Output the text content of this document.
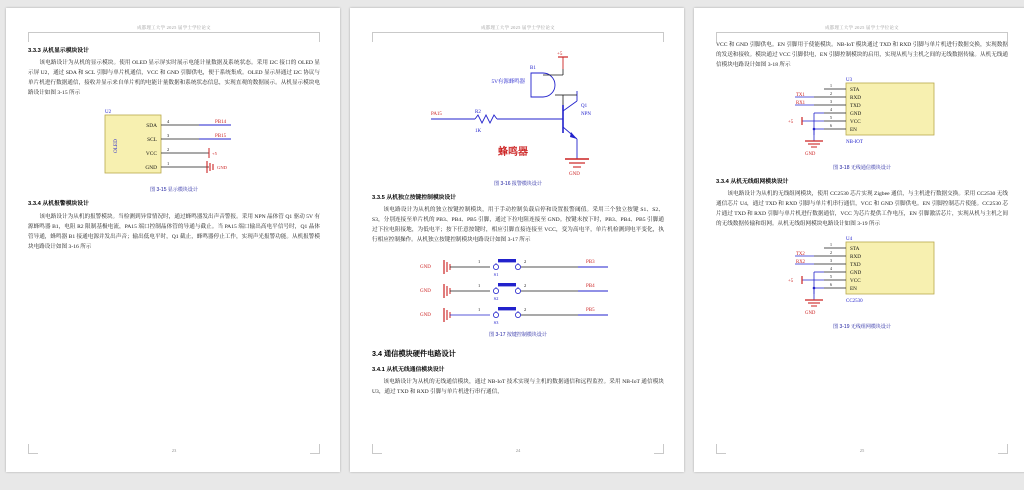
成都理工大学 2025 届学士学位论文
3.3.3 从机显示模块设计

该电路设计为从机的显示模块。使用 OLED 显示屏实时展示电能计量数据及系统状态。采用 I2C 接口的 OLED 显示屏 U2，通过 SDA 和 SCL 引脚与单片机通信，VCC 和 GND 引脚供电，便于系统集成。OLED 显示屏通过 I2C 协议与单片机进行数据通信，接收并显示来自单片机的电能计量数据和系统状态信息，实现直观的数据展示。从机显示模块电路设计如图 3-15 所示

U2
OLED
SDA
SCL
VCC
GND
4
3
2
1
PB14
PB15
+5
GND
图 3-15 显示模块设计
3.3.4 从机报警模块设计

该电路设计为从机的报警模块。当检测到异常情况时，通过蜂鸣器发出声音警报。采用 NPN 晶体管 Q1 驱动 5V 有源蜂鸣器 B1，电阻 R2 限制基极电流，PA15 端口控制晶体管的导通与截止。当 PA15 端口输出高电平信号时，Q1 晶体管导通，蜂鸣器 B1 接通电源并发出声音；输出低电平时，Q1 截止，蜂鸣器停止工作，实现声光报警功能。从机报警模块电路设计如图 3-16 所示

23
成都理工大学 2025 届学士学位论文
+5
B1
5V有源蜂鸣器
Q1
NPN
R2
1K
PA15
GND
蜂鸣器
图 3-16 报警模块设计
3.3.5 从机独立按键控制模块设计

该电路设计为从机的独立按键控制模块，用于手动控制负载启停和设置报警阈值。采用三个独立按键 S1、S2、S3，分别连接至单片机的 PB3、PB4、PB5 引脚，通过下拉电阻连接至 GND。按键未按下时，PB3、PB4、PB5 引脚通过下拉电阻接地，为低电平；按下任意按键时，相应引脚直接连接至 VCC，变为高电平，单片机检测到电平变化，执行相应控制操作。从机独立按键控制模块电路设计如图 3-17 所示

GND
1
S1
2	PB3
GND
1
S2
2	PB4
GND
1
S3
2	PB5
图 3-17 按键控制模块设计
3.4 通信模块硬件电路设计
3.4.1 从机无线通信模块设计

该电路设计为从机的无线通信模块，通过 NB-IoT 技术实现与主机的数据通信和远程监控。采用 NB-IoT 通信模块 U3，通过 TXD 和 RXD 引脚与单片机进行串行通信，

24
成都理工大学 2025 届学士学位论文

VCC 和 GND 引脚供电。EN 引脚用于使能模块。NB-IoT 模块通过 TXD 和 RXD 引脚与单片机进行数据交换，实现数据的发送和接收。模块通过 VCC 引脚供电，EN 引脚控制模块的启用，实现从机与主机之间的无线数据传输。从机无线通信模块电路设计如图 3-18 所示

U3
NB-IOT
STA
RXD
TXD
GND
VCC
EN
1
2
3
4
5
6
TX1
RX1
+5
GND
图 3-18 无线通信模块设计
3.3.4 从机无线组网模块设计

该电路设计为从机的无线组网模块，使用 CC2530 芯片实现 Zigbee 通信，与主机进行数据交换。采用 CC2530 无线通信芯片 U4，通过 TXD 和 RXD 引脚与单片机串行通信，VCC 和 GND 引脚供电。EN 引脚控制芯片使能。CC2530 芯片通过 TXD 和 RXD 引脚与单片机进行数据通信，VCC 为芯片提供工作电压，EN 引脚激活芯片，实现从机与主机之间的无线数据传输和组网。从机无线组网模块电路设计如图 3-19 所示

U4
CC2530
STA
RXD
TXD
GND
VCC
EN
1
2
3
4
5
6
TX2
RX2
+5
GND
图 3-19 无线组网模块设计
25
